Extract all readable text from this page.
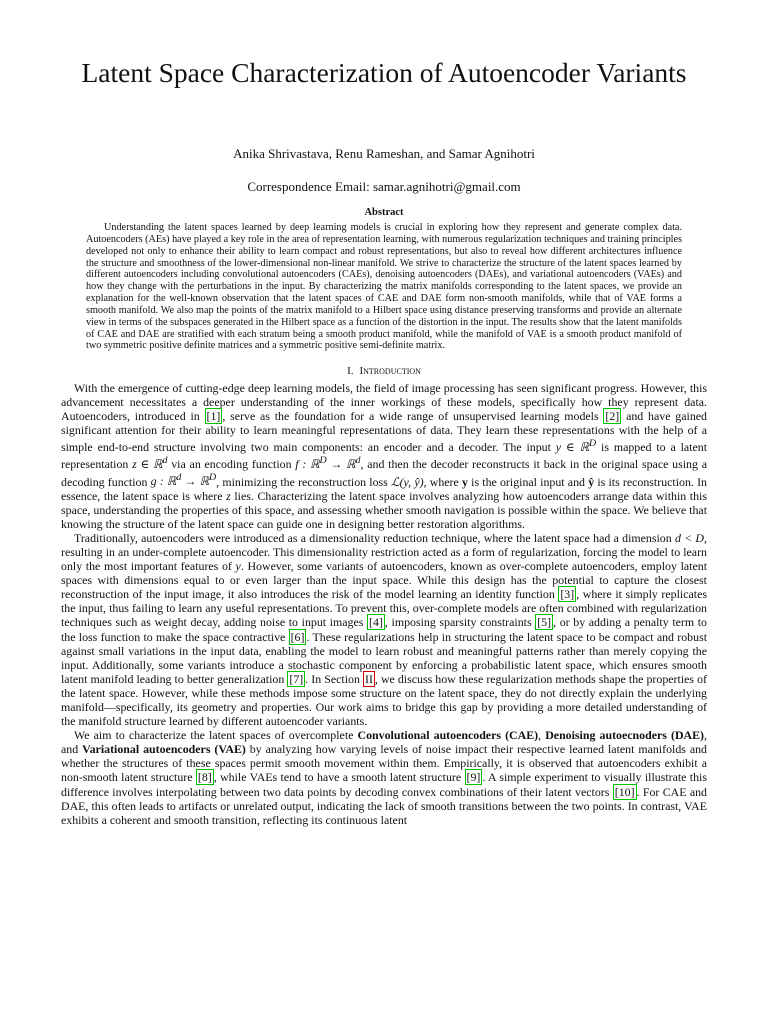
Latent Space Characterization of Autoencoder Variants
Anika Shrivastava, Renu Rameshan, and Samar Agnihotri
Correspondence Email: samar.agnihotri@gmail.com
Abstract

Understanding the latent spaces learned by deep learning models is crucial in exploring how they represent and generate complex data. Autoencoders (AEs) have played a key role in the area of representation learning, with numerous regularization techniques and training principles developed not only to enhance their ability to learn compact and robust representations, but also to reveal how different architectures influence the structure and smoothness of the lower-dimensional non-linear manifold. We strive to characterize the structure of the latent spaces learned by different autoencoders including convolutional autoencoders (CAEs), denoising autoencoders (DAEs), and variational autoencoders (VAEs) and how they change with the perturbations in the input. By characterizing the matrix manifolds corresponding to the latent spaces, we provide an explanation for the well-known observation that the latent spaces of CAE and DAE form non-smooth manifolds, while that of VAE forms a smooth manifold. We also map the points of the matrix manifold to a Hilbert space using distance preserving transforms and provide an alternate view in terms of the subspaces generated in the Hilbert space as a function of the distortion in the input. The results show that the latent manifolds of CAE and DAE are stratified with each stratum being a smooth product manifold, while the manifold of VAE is a smooth product manifold of two symmetric positive definite matrices and a symmetric positive semi-definite matrix.

I. Introduction

With the emergence of cutting-edge deep learning models, the field of image processing has seen significant progress. However, this advancement necessitates a deeper understanding of the inner workings of these models, specifically how they represent data. Autoencoders, introduced in [1] , serve as the foundation for a wide range of unsupervised learning models [2] and have gained significant attention for their ability to learn meaningful representations of data. They learn these representations with the help of a simple end-to-end structure involving two main components: an encoder and a decoder. The input y ∈ ℝ$^D$ is mapped to a latent representation z ∈ ℝ$^d$ via an encoding function f : ℝ$^D$ → ℝ$^d$, and then the decoder reconstructs it back in the original space using a decoding function g : ℝ$^d$ → ℝ$^D$, minimizing the reconstruction loss ℒ(y, ŷ), where y is the original input and ŷ is its reconstruction. In essence, the latent space is where z lies. Characterizing the latent space involves analyzing how autoencoders arrange data within this space, understanding the properties of this space, and assessing whether smooth navigation is possible within the space. We believe that knowing the structure of the latent space can guide one in designing better restoration algorithms.

Traditionally, autoencoders were introduced as a dimensionality reduction technique, where the latent space had a dimension d < D, resulting in an under-complete autoencoder. This dimensionality restriction acted as a form of regularization, forcing the model to learn only the most important features of y. However, some variants of autoencoders, known as over-complete autoencoders, employ latent spaces with dimensions equal to or even larger than the input space. While this design has the potential to capture the closest reconstruction of the input image, it also introduces the risk of the model learning an identity function [3] , where it simply replicates the input, thus failing to learn any useful representations. To prevent this, over-complete models are often combined with regularization techniques such as weight decay, adding noise to input images [4] , imposing sparsity constraints [5] , or by adding a penalty term to the loss function to make the space contractive [6] . These regularizations help in structuring the latent space to be compact and robust against small variations in the input data, enabling the model to learn robust and meaningful patterns rather than merely copying the input. Additionally, some variants introduce a stochastic component by enforcing a probabilistic latent space, which ensures smooth latent manifold leading to better generalization [7] . In Section II , we discuss how these regularization methods shape the properties of the latent space. However, while these methods impose some structure on the latent space, they do not directly explain the underlying manifold—specifically, its geometry and properties. Our work aims to bridge this gap by providing a more detailed understanding of the manifold structure learned by different autoencoder variants.

We aim to characterize the latent spaces of overcomplete Convolutional autoencoders (CAE), Denoising autoecnoders (DAE), and Variational autoencoders (VAE) by analyzing how varying levels of noise impact their respective learned latent manifolds and whether the structures of these spaces permit smooth movement within them. Empirically, it is observed that autoencoders exhibit a non-smooth latent structure [8] , while VAEs tend to have a smooth latent structure [9] . A simple experiment to visually illustrate this difference involves interpolating between two data points by decoding convex combinations of their latent vectors [10] . For CAE and DAE, this often leads to artifacts or unrelated output, indicating the lack of smooth transitions between the two points. In contrast, VAE exhibits a coherent and smooth transition, reflecting its continuous latent
